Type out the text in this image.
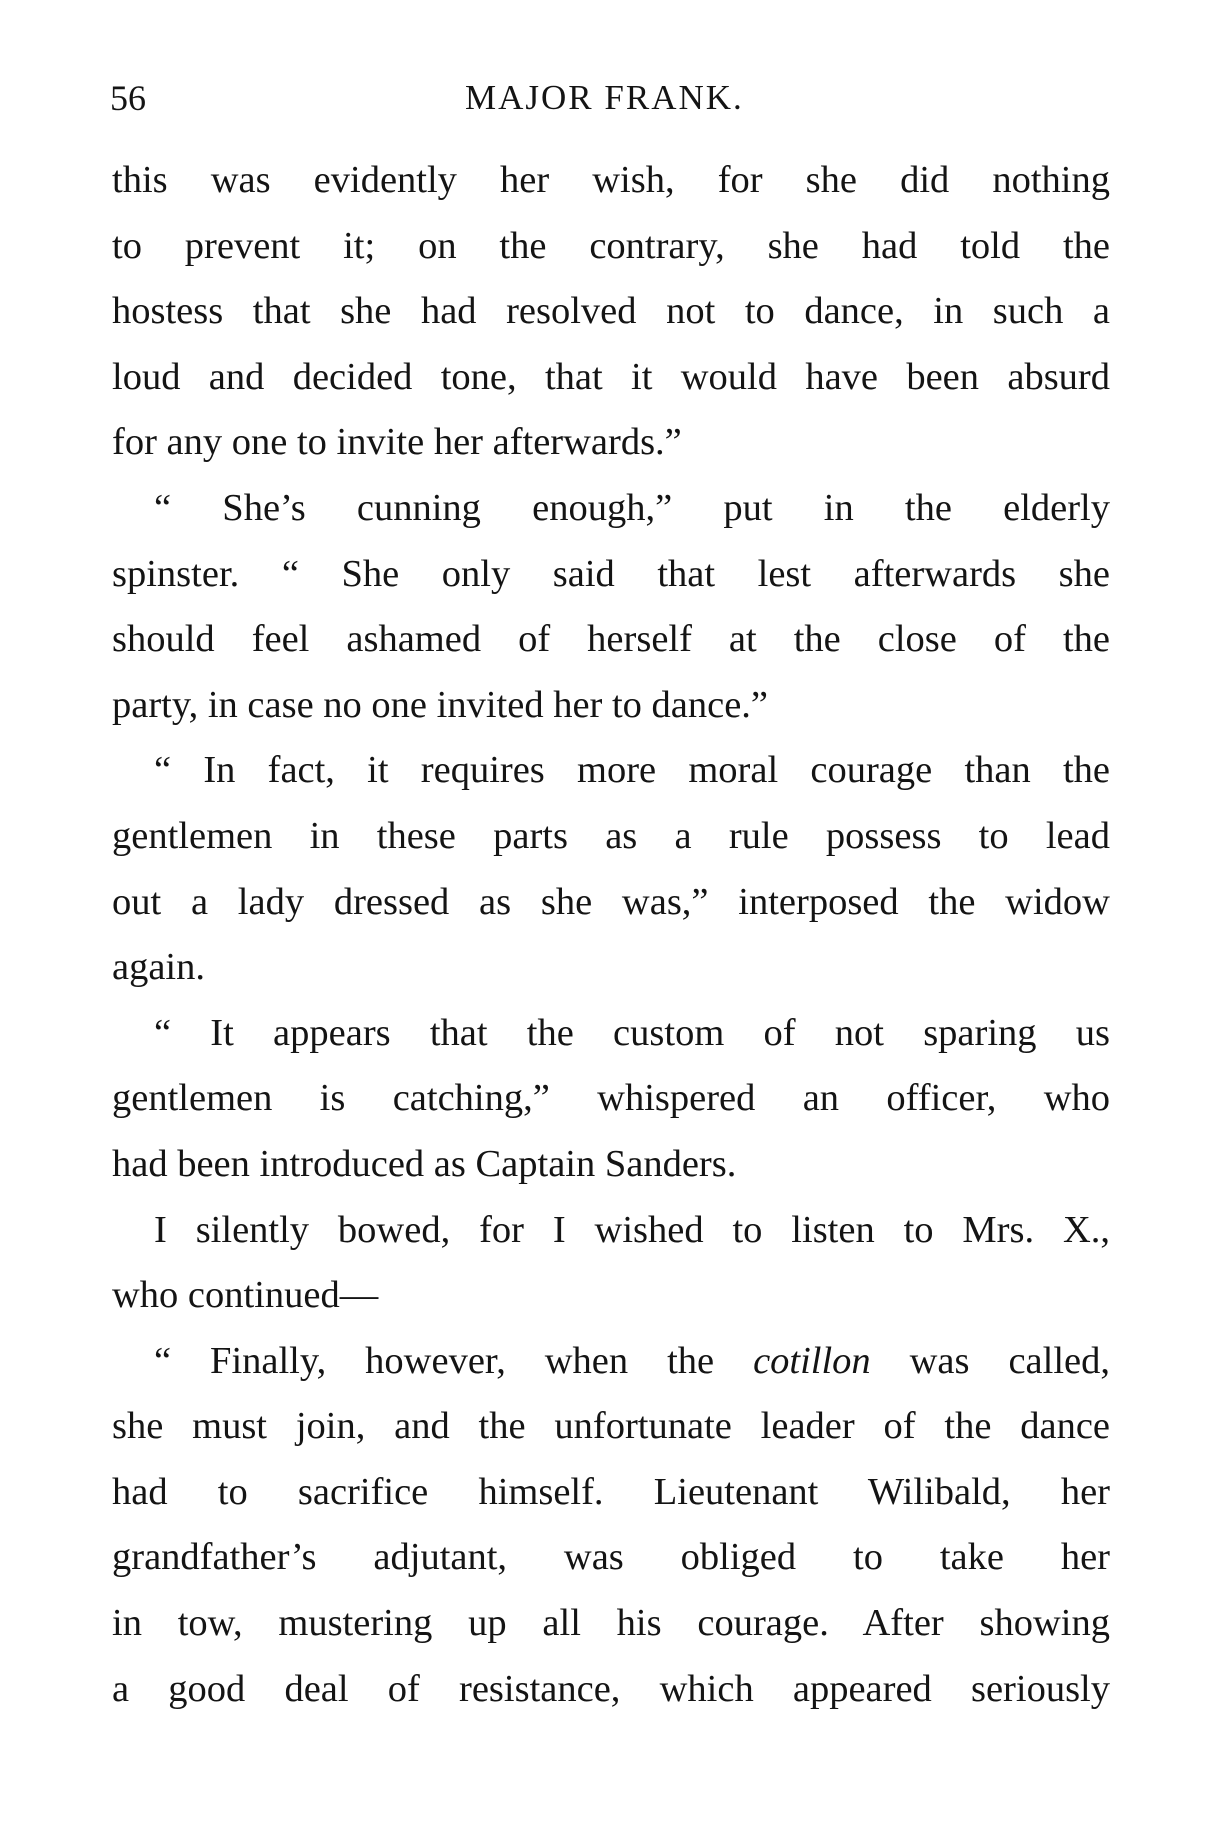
56	MAJOR FRANK.
this was evidently her wish, for she did nothing
to prevent it; on the contrary, she had told the
hostess that she had resolved not to dance, in such a
loud and decided tone, that it would have been absurd
for any one to invite her afterwards.”
“ She’s cunning enough,” put in the elderly
spinster. “ She only said that lest afterwards she
should feel ashamed of herself at the close of the
party, in case no one invited her to dance.”
“ In fact, it requires more moral courage than the
gentlemen in these parts as a rule possess to lead
out a lady dressed as she was,” interposed the widow
again.
“ It appears that the custom of not sparing us
gentlemen is catching,” whispered an officer, who
had been introduced as Captain Sanders.
I silently bowed, for I wished to listen to Mrs. X.,
who continued—
“ Finally, however, when the cotillon was called,
she must join, and the unfortunate leader of the dance
had to sacrifice himself. Lieutenant Wilibald, her
grandfather’s adjutant, was obliged to take her
in tow, mustering up all his courage. After showing
a good deal of resistance, which appeared seriously
